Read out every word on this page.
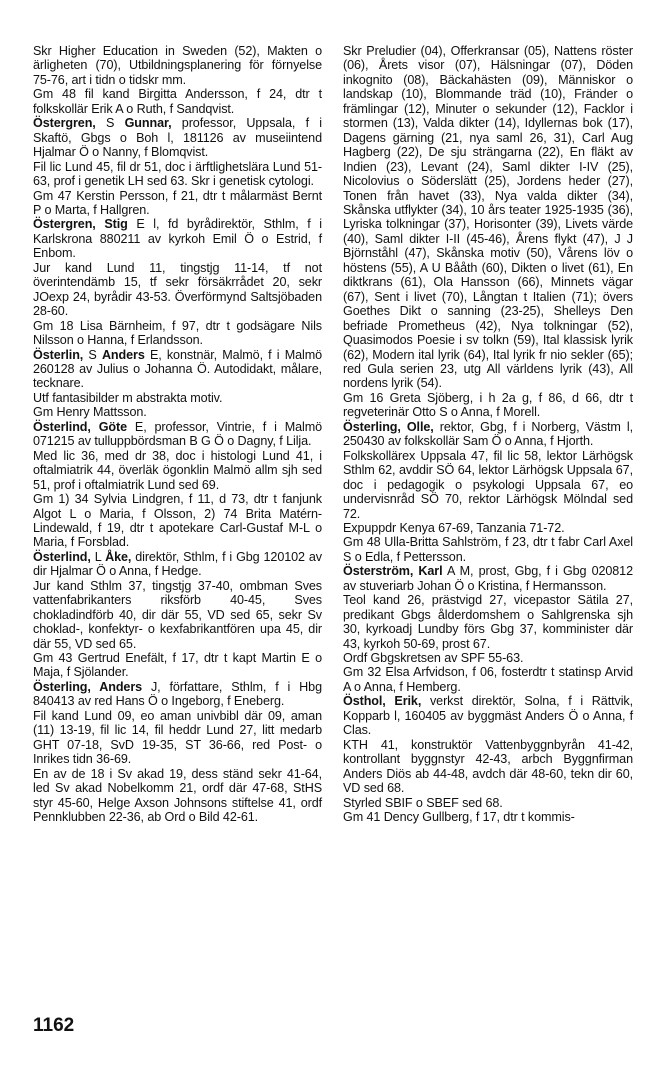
Skr Higher Education in Sweden (52), Makten o ärligheten (70), Utbildningsplanering för förnyelse 75-76, art i tidn o tidskr mm.

Gm 48 fil kand Birgitta Andersson, f 24, dtr t folkskollär Erik A o Ruth, f Sandqvist.

Östergren, S Gunnar, professor, Uppsala, f i Skaftö, Gbgs o Boh l, 181126 av museiintend Hjalmar Ö o Nanny, f Blomqvist.

Fil lic Lund 45, fil dr 51, doc i ärftlighetslära Lund 51-63, prof i genetik LH sed 63. Skr i genetisk cytologi.

Gm 47 Kerstin Persson, f 21, dtr t målarmäst Bernt P o Marta, f Hallgren.

Östergren, Stig E l, fd byrådirektör, Sthlm, f i Karlskrona 880211 av kyrkoh Emil Ö o Estrid, f Enbom.

Jur kand Lund 11, tingstjg 11-14, tf not överintendämb 15, tf sekr försäkrrådet 20, sekr JOexp 24, byrådir 43-53. Överförmynd Saltsjöbaden 28-60.

Gm 18 Lisa Bärnheim, f 97, dtr t godsägare Nils Nilsson o Hanna, f Erlandsson.

Österlin, S Anders E, konstnär, Malmö, f i Malmö 260128 av Julius o Johanna Ö. Autodidakt, målare, tecknare.

Utf fantasibilder m abstrakta motiv.

Gm Henry Mattsson.

Österlind, Göte E, professor, Vintrie, f i Malmö 071215 av tulluppbördsman B G Ö o Dagny, f Lilja.

Med lic 36, med dr 38, doc i histologi Lund 41, i oftalmiatrik 44, överläk ögonklin Malmö allm sjh sed 51, prof i oftalmiatrik Lund sed 69.

Gm 1) 34 Sylvia Lindgren, f 11, d 73, dtr t fanjunk Algot L o Maria, f Olsson, 2) 74 Brita Matérn-Lindewald, f 19, dtr t apotekare Carl-Gustaf M-L o Maria, f Forsblad.

Österlind, L Åke, direktör, Sthlm, f i Gbg 120102 av dir Hjalmar Ö o Anna, f Hedge.

Jur kand Sthlm 37, tingstjg 37-40, ombman Sves vattenfabrikanters riksförb 40-45, Sves chokladindförb 40, dir där 55, VD sed 65, sekr Sv choklad-, konfektyr- o kexfabrikantfören upa 45, dir där 55, VD sed 65.

Gm 43 Gertrud Enefält, f 17, dtr t kapt Martin E o Maja, f Sjölander.

Österling, Anders J, författare, Sthlm, f i Hbg 840413 av red Hans Ö o Ingeborg, f Eneberg.

Fil kand Lund 09, eo aman univbibl där 09, aman (11) 13-19, fil lic 14, fil heddr Lund 27, litt medarb GHT 07-18, SvD 19-35, ST 36-66, red Post- o Inrikes tidn 36-69.

En av de 18 i Sv akad 19, dess ständ sekr 41-64, led Sv akad Nobelkomm 21, ordf där 47-68, StHS styr 45-60, Helge Axson Johnsons stiftelse 41, ordf Pennklubben 22-36, ab Ord o Bild 42-61.

Skr Preludier (04), Offerkransar (05), Nattens röster (06), Årets visor (07), Hälsningar (07), Döden inkognito (08), Bäckahästen (09), Människor o landskap (10), Blommande träd (10), Fränder o främlingar (12), Minuter o sekunder (12), Facklor i stormen (13), Valda dikter (14), Idyllernas bok (17), Dagens gärning (21, nya saml 26, 31), Carl Aug Hagberg (22), De sju strängarna (22), En fläkt av Indien (23), Levant (24), Saml dikter I-IV (25), Nicolovius o Söderslätt (25), Jordens heder (27), Tonen från havet (33), Nya valda dikter (34), Skånska utflykter (34), 10 års teater 1925-1935 (36), Lyriska tolkningar (37), Horisonter (39), Livets värde (40), Saml dikter I-II (45-46), Årens flykt (47), J J Björnståhl (47), Skånska motiv (50), Vårens löv o höstens (55), A U Bååth (60), Dikten o livet (61), En diktkrans (61), Ola Hansson (66), Minnets vägar (67), Sent i livet (70), Långtan t Italien (71); övers Goethes Dikt o sanning (23-25), Shelleys Den befriade Prometheus (42), Nya tolkningar (52), Quasimodos Poesie i sv tolkn (59), Ital klassisk lyrik (62), Modern ital lyrik (64), Ital lyrik fr nio sekler (65); red Gula serien 23, utg All världens lyrik (43), All nordens lyrik (54).

Gm 16 Greta Sjöberg, i h 2a g, f 86, d 66, dtr t regveterinär Otto S o Anna, f Morell.

Österling, Olle, rektor, Gbg, f i Norberg, Västm l, 250430 av folkskollär Sam Ö o Anna, f Hjorth.

Folkskollärex Uppsala 47, fil lic 58, lektor Lärhögsk Sthlm 62, avddir SÖ 64, lektor Lärhögsk Uppsala 67, doc i pedagogik o psykologi Uppsala 67, eo undervisnråd SÖ 70, rektor Lärhögsk Mölndal sed 72.

Expuppdr Kenya 67-69, Tanzania 71-72.

Gm 48 Ulla-Britta Sahlström, f 23, dtr t fabr Carl Axel S o Edla, f Pettersson.

Österström, Karl A M, prost, Gbg, f i Gbg 020812 av stuveriarb Johan Ö o Kristina, f Hermansson.

Teol kand 26, prästvigd 27, vicepastor Sätila 27, predikant Gbgs ålderdomshem o Sahlgrenska sjh 30, kyrkoadj Lundby förs Gbg 37, komminister där 43, kyrkoh 50-69, prost 67.

Ordf Gbgskretsen av SPF 55-63.

Gm 32 Elsa Arfvidson, f 06, fosterdtr t statinsp Arvid A o Anna, f Hemberg.

Östhol, Erik, verkst direktör, Solna, f i Rättvik, Kopparb l, 160405 av byggmäst Anders Ö o Anna, f Clas.

KTH 41, konstruktör Vattenbyggnbyrån 41-42, kontrollant byggnstyr 42-43, arbch Byggnfirman Anders Diös ab 44-48, avdch där 48-60, tekn dir 60, VD sed 68.

Styrled SBIF o SBEF sed 68.

Gm 41 Dency Gullberg, f 17, dtr t kommis-

1162
